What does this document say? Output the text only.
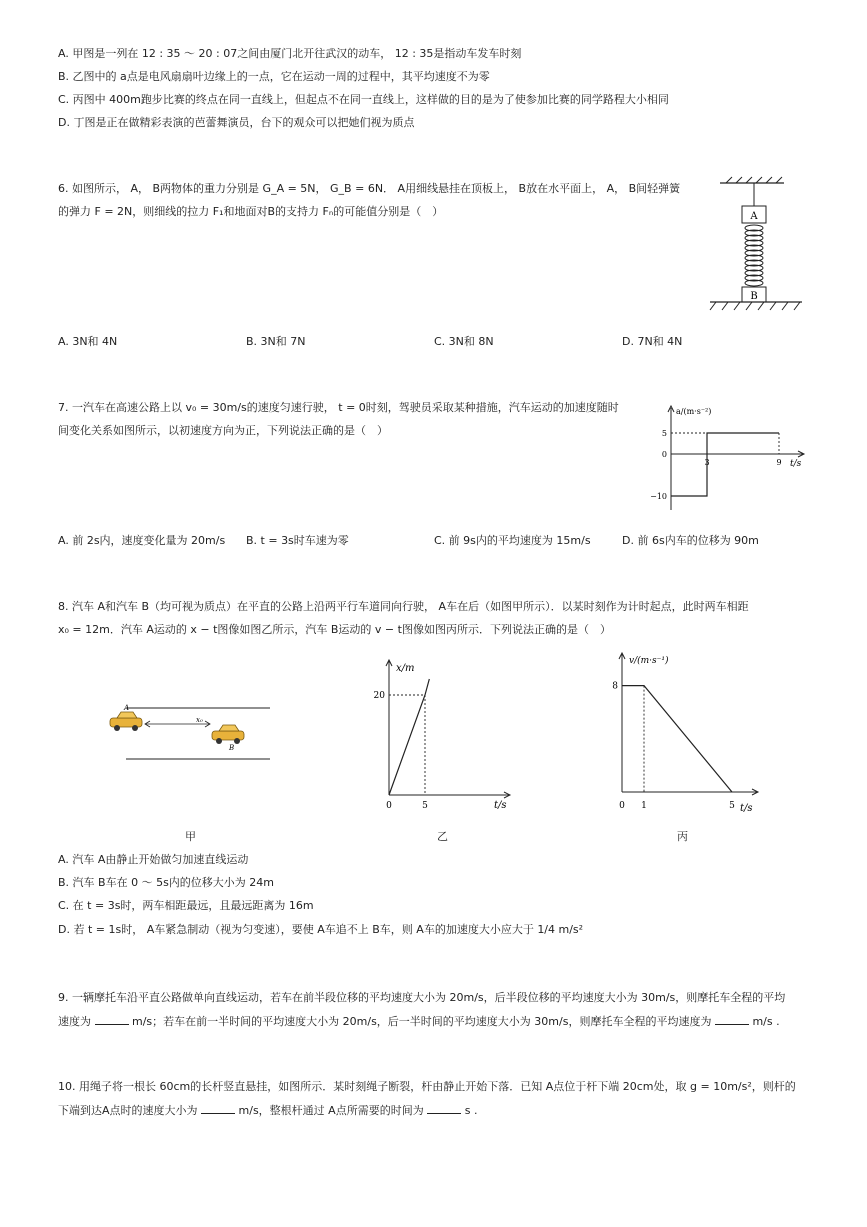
A. 甲图是一列在 12 : 35 ～ 20 : 07之间由厦门北开往武汉的动车， 12 : 35是指动车发车时刻
B. 乙图中的 a点是电风扇扇叶边缘上的一点，它在运动一周的过程中，其平均速度不为零
C. 丙图中 400m跑步比赛的终点在同一直线上，但起点不在同一直线上，这样做的目的是为了使参加比赛的同学路程大小相同
D. 丁图是正在做精彩表演的芭蕾舞演员，台下的观众可以把她们视为质点
6. 如图所示， A， B两物体的重力分别是 G_A = 5N， G_B = 6N． A用细线悬挂在顶板上， B放在水平面上， A， B间轻弹簧
的弹力 F = 2N，则细线的拉力 F₁和地面对B的支持力 Fₙ的可能值分别是（　）	A
B
A. 3N和 4N	B. 3N和 7N	C. 3N和 8N	D. 7N和 4N
7. 一汽车在高速公路上以 v₀ = 30m/s的速度匀速行驶， t = 0时刻，驾驶员采取某种措施，汽车运动的加速度随时
间变化关系如图所示，以初速度方向为正，下列说法正确的是（　）
a/(m·s⁻²)
t/s
3	9
5
0
−10
A. 前 2s内，速度变化量为 20m/s B. t = 3s时车速为零	C. 前 9s内的平均速度为 15m/s	D. 前 6s内车的位移为 90m
8. 汽车 A和汽车 B（均可视为质点）在平直的公路上沿两平行车道同向行驶， A车在后（如图甲所示）．以某时刻作为计时起点，此时两车相距
x₀ = 12m．汽车 A运动的 x − t图像如图乙所示，汽车 B运动的 v − t图像如图丙所示．下列说法正确的是（　）
A
x₀
B
x/m
t/s
0	5
20
v/(m·s⁻¹)
t/s
0 1	5
8
甲	乙	丙
A. 汽车 A由静止开始做匀加速直线运动
B. 汽车 B车在 0 ～ 5s内的位移大小为 24m
C. 在 t = 3s时，两车相距最远，且最远距离为 16m
D. 若 t = 1s时， A车紧急制动（视为匀变速），要使 A车追不上 B车，则 A车的加速度大小应大于 1/4 m/s²
9. 一辆摩托车沿平直公路做单向直线运动，若车在前半段位移的平均速度大小为 20m/s，后半段位移的平均速度大小为 30m/s，则摩托车全程的平均
速度为	m/s；若车在前一半时间的平均速度大小为 20m/s，后一半时间的平均速度大小为 30m/s，则摩托车全程的平均速度为	m/s .
10. 用绳子将一根长 60cm的长杆竖直悬挂，如图所示．某时刻绳子断裂，杆由静止开始下落．已知 A点位于杆下端 20cm处，取 g = 10m/s²，则杆的
下端到达A点时的速度大小为	m/s，整根杆通过 A点所需要的时间为	s .
